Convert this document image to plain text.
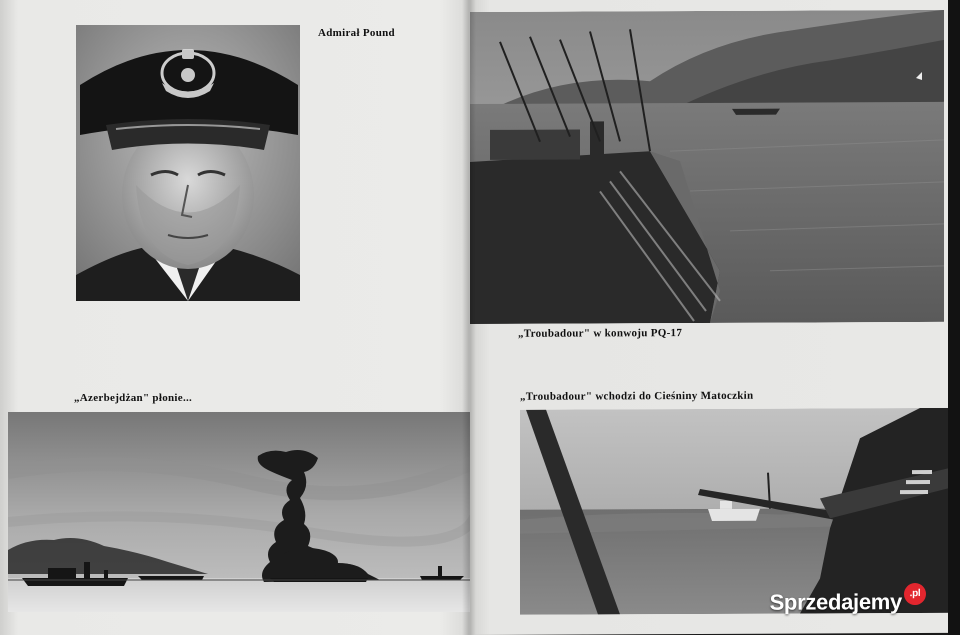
Admirał Pound
„Azerbejdżan" płonie...
„Troubadour" w konwoju PQ-17
„Troubadour" wchodzi do Cieśniny Matoczkin
Sprzedajemy .pl
